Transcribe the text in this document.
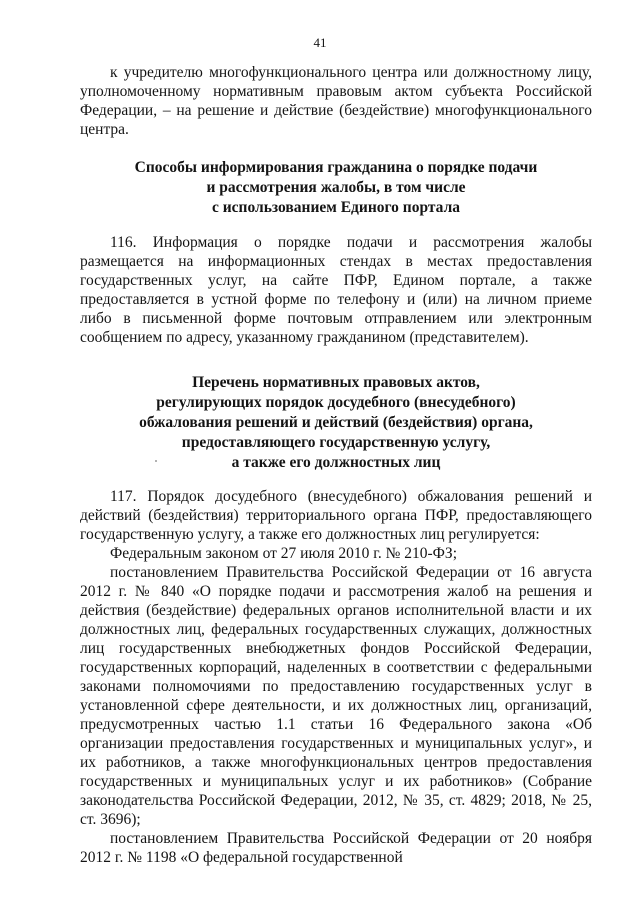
41

к учредителю многофункционального центра или должностному лицу, уполномоченному нормативным правовым актом субъекта Российской Федерации, – на решение и действие (бездействие) многофункционального центра.

Способы информирования гражданина о порядке подачи
и рассмотрения жалобы, в том числе
с использованием Единого портала

116. Информация о порядке подачи и рассмотрения жалобы размещается на информационных стендах в местах предоставления государственных услуг, на сайте ПФР, Едином портале, а также предоставляется в устной форме по телефону и (или) на личном приеме либо в письменной форме почтовым отправлением или электронным сообщением по адресу, указанному гражданином (представителем).

Перечень нормативных правовых актов,
регулирующих порядок досудебного (внесудебного)
обжалования решений и действий (бездействия) органа,
предоставляющего государственную услугу,
а также его должностных лиц

117. Порядок досудебного (внесудебного) обжалования решений и действий (бездействия) территориального органа ПФР, предоставляющего государственную услугу, а также его должностных лиц регулируется:

Федеральным законом от 27 июля 2010 г. № 210-ФЗ;

постановлением Правительства Российской Федерации от 16 августа 2012 г. № 840 «О порядке подачи и рассмотрения жалоб на решения и действия (бездействие) федеральных органов исполнительной власти и их должностных лиц, федеральных государственных служащих, должностных лиц государственных внебюджетных фондов Российской Федерации, государственных корпораций, наделенных в соответствии с федеральными законами полномочиями по предоставлению государственных услуг в установленной сфере деятельности, и их должностных лиц, организаций, предусмотренных частью 1.1 статьи 16 Федерального закона «Об организации предоставления государственных и муниципальных услуг», и их работников, а также многофункциональных центров предоставления государственных и муниципальных услуг и их работников» (Собрание законодательства Российской Федерации, 2012, № 35, ст. 4829; 2018, № 25, ст. 3696);

постановлением Правительства Российской Федерации от 20 ноября 2012 г. № 1198 «О федеральной государственной
